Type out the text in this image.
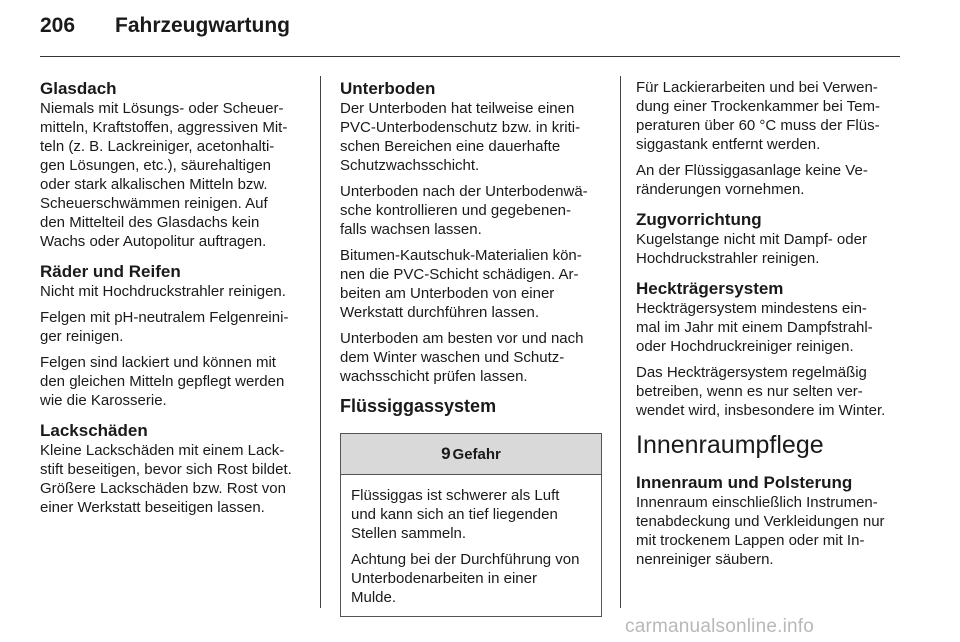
206 Fahrzeugwartung
Glasdach

Niemals mit Lösungs- oder Scheuer-
mitteln, Kraftstoffen, aggressiven Mit-
teln (z. B. Lackreiniger, acetonhalti-
gen Lösungen, etc.), säurehaltigen
oder stark alkalischen Mitteln bzw.
Scheuerschwämmen reinigen. Auf
den Mittelteil des Glasdachs kein
Wachs oder Autopolitur auftragen.

Räder und Reifen

Nicht mit Hochdruckstrahler reinigen.

Felgen mit pH-neutralem Felgenreini-
ger reinigen.

Felgen sind lackiert und können mit
den gleichen Mitteln gepflegt werden
wie die Karosserie.

Lackschäden

Kleine Lackschäden mit einem Lack-
stift beseitigen, bevor sich Rost bildet.
Größere Lackschäden bzw. Rost von
einer Werkstatt beseitigen lassen.

Unterboden

Der Unterboden hat teilweise einen
PVC-Unterbodenschutz bzw. in kriti-
schen Bereichen eine dauerhafte
Schutzwachsschicht.

Unterboden nach der Unterbodenwä-
sche kontrollieren und gegebenen-
falls wachsen lassen.

Bitumen-Kautschuk-Materialien kön-
nen die PVC-Schicht schädigen. Ar-
beiten am Unterboden von einer
Werkstatt durchführen lassen.

Unterboden am besten vor und nach
dem Winter waschen und Schutz-
wachsschicht prüfen lassen.

Flüssiggassystem
9 Gefahr

Flüssiggas ist schwerer als Luft
und kann sich an tief liegenden
Stellen sammeln.

Achtung bei der Durchführung von
Unterbodenarbeiten in einer
Mulde.

Für Lackierarbeiten und bei Verwen-
dung einer Trockenkammer bei Tem-
peraturen über 60 °C muss der Flüs-
siggastank entfernt werden.

An der Flüssiggasanlage keine Ve-
ränderungen vornehmen.

Zugvorrichtung

Kugelstange nicht mit Dampf- oder
Hochdruckstrahler reinigen.

Heckträgersystem

Heckträgersystem mindestens ein-
mal im Jahr mit einem Dampfstrahl-
oder Hochdruckreiniger reinigen.

Das Heckträgersystem regelmäßig
betreiben, wenn es nur selten ver-
wendet wird, insbesondere im Winter.

Innenraumpflege
Innenraum und Polsterung

Innenraum einschließlich Instrumen-
tenabdeckung und Verkleidungen nur
mit trockenem Lappen oder mit In-
nenreiniger säubern.

carmanualsonline.info
